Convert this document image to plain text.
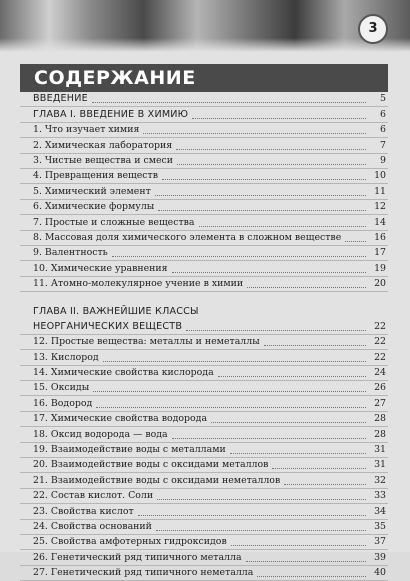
3
СОДЕРЖАНИЕ
ВВЕДЕНИЕ	5
ГЛАВА I. ВВЕДЕНИЕ В ХИМИЮ	6
1. Что изучает химия	6
2. Химическая лаборатория	7
3. Чистые вещества и смеси	9
4. Превращения веществ	10
5. Химический элемент	11
6. Химические формулы	12
7. Простые и сложные вещества	14
8. Массовая доля химического элемента в сложном веществе	16
9. Валентность	17
10. Химические уравнения	19
11. Атомно-молекулярное учение в химии	20
ГЛАВА II. ВАЖНЕЙШИЕ КЛАССЫ
НЕОРГАНИЧЕСКИХ ВЕЩЕСТВ	22
12. Простые вещества: металлы и неметаллы	22
13. Кислород	22
14. Химические свойства кислорода	24
15. Оксиды	26
16. Водород	27
17. Химические свойства водорода	28
18. Оксид водорода — вода	28
19. Взаимодействие воды с металлами	31
20. Взаимодействие воды с оксидами металлов	31
21. Взаимодействие воды с оксидами неметаллов	32
22. Состав кислот. Соли	33
23. Свойства кислот	34
24. Свойства оснований	35
25. Свойства амфотерных гидроксидов	37
26. Генетический ряд типичного металла	39
27. Генетический ряд типичного неметалла	40
